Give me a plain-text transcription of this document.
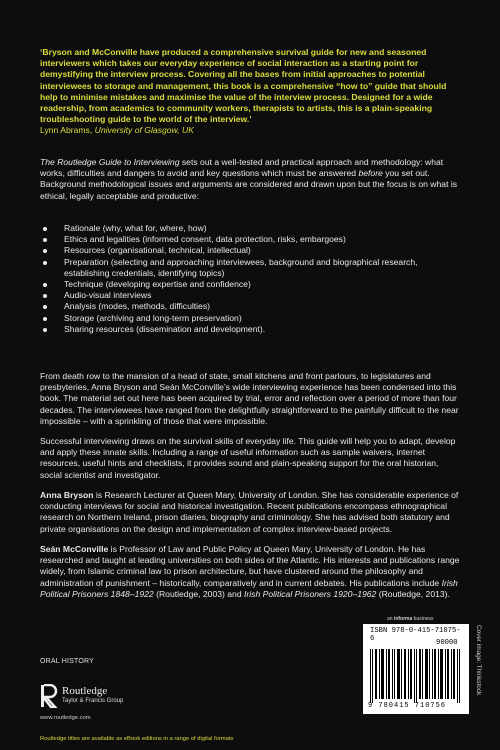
‘Bryson and McConville have produced a comprehensive survival guide for new and seasoned interviewers which takes our everyday experience of social interaction as a starting point for demystifying the interview process. Covering all the bases from initial approaches to potential interviewees to storage and management, this book is a comprehensive “how to” guide that should help to minimise mistakes and maximise the value of the interview process. Designed for a wide readership, from academics to community workers, therapists to artists, this is a plain-speaking troubleshooting guide to the world of the interview.’
Lynn Abrams, University of Glasgow, UK
The Routledge Guide to Interviewing sets out a well-tested and practical approach and methodology: what works, difficulties and dangers to avoid and key questions which must be answered before you set out. Background methodological issues and arguments are considered and drawn upon but the focus is on what is ethical, legally acceptable and productive:
Rationale (why, what for, where, how)
Ethics and legalities (informed consent, data protection, risks, embargoes)
Resources (organisational, technical, intellectual)
Preparation (selecting and approaching interviewees, background and biographical research, establishing credentials, identifying topics)
Technique (developing expertise and confidence)
Audio-visual interviews
Analysis (modes, methods, difficulties)
Storage (archiving and long-term preservation)
Sharing resources (dissemination and development).
From death row to the mansion of a head of state, small kitchens and front parlours, to legislatures and presbyteries, Anna Bryson and Seán McConville’s wide interviewing experience has been condensed into this book. The material set out here has been acquired by trial, error and reflection over a period of more than four decades. The interviewees have ranged from the delightfully straightforward to the painfully difficult to the near impossible – with a sprinkling of those that were impossible.
Successful interviewing draws on the survival skills of everyday life. This guide will help you to adapt, develop and apply these innate skills. Including a range of useful information such as sample waivers, internet resources, useful hints and checklists, it provides sound and plain-speaking support for the oral historian, social scientist and investigator.
Anna Bryson is Research Lecturer at Queen Mary, University of London. She has considerable experience of conducting interviews for social and historical investigation. Recent publications encompass ethnographical research on Northern Ireland, prison diaries, biography and criminology. She has advised both statutory and private organisations on the design and implementation of complex interview-based projects.
Seán McConville is Professor of Law and Public Policy at Queen Mary, University of London. He has researched and taught at leading universities on both sides of the Atlantic. His interests and publications range widely, from Islamic criminal law to prison architecture, but have clustered around the philosophy and administration of punishment – historically, comparatively and in current debates. His publications include Irish Political Prisoners 1848–1922 (Routledge, 2003) and Irish Political Prisoners 1920–1962 (Routledge, 2013).
an informa business
ORAL HISTORY
Routledge
Taylor & Francis Group
www.routledge.com
Routledge titles are available as eBook editions in a range of digital formats
ISBN 978-0-415-71075-6	90000
9 780415 710756
Cover image: Thinkstock
